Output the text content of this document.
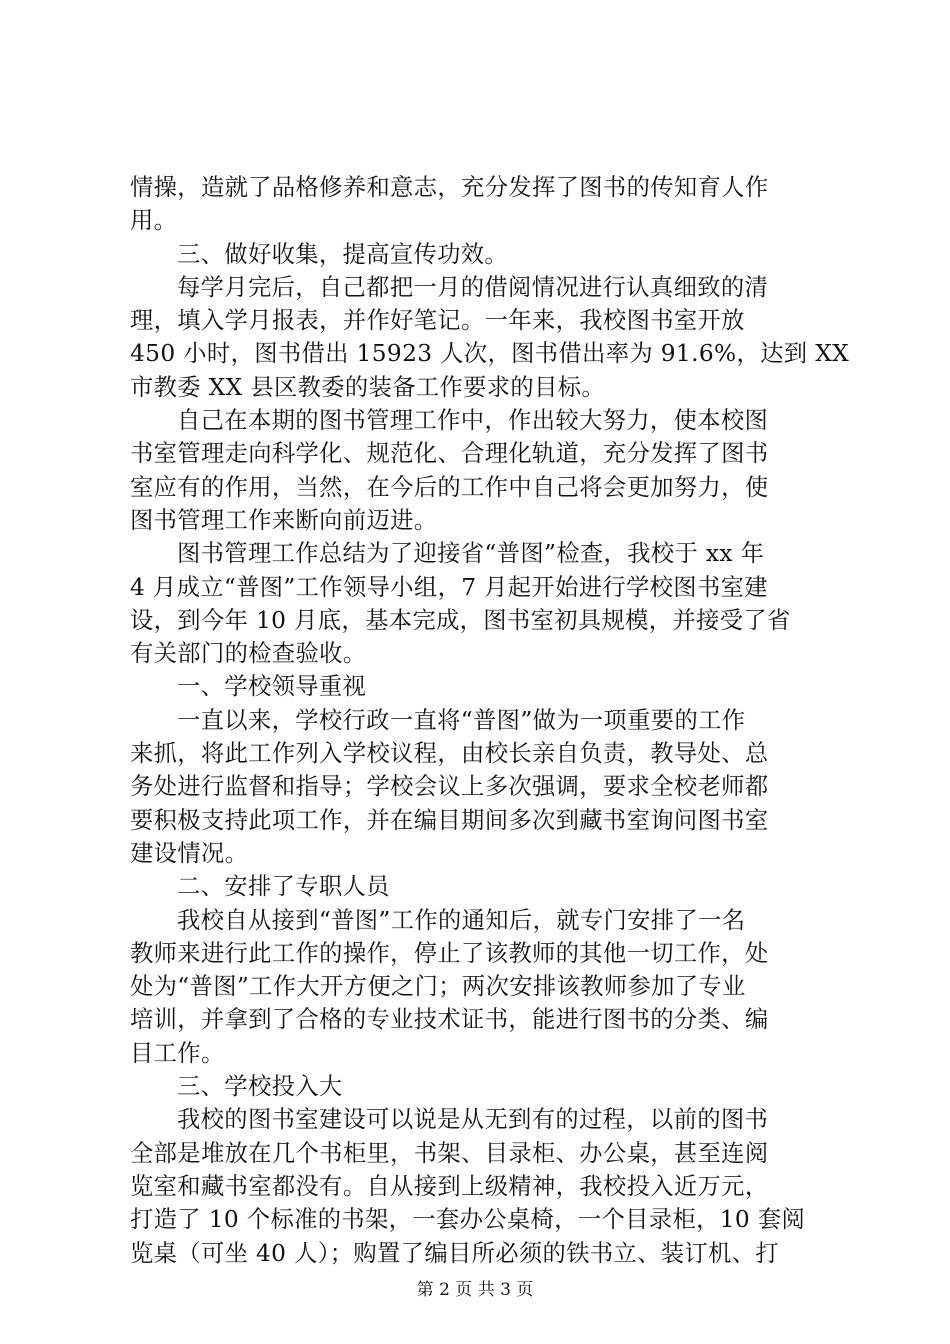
情操，造就了品格修养和意志，充分发挥了图书的传知育人作
用。
三、做好收集，提高宣传功效。
每学月完后，自己都把一月的借阅情况进行认真细致的清
理，填入学月报表，并作好笔记。一年来，我校图书室开放
450 小时，图书借出 15923 人次，图书借出率为 91.6%，达到 XX
市教委 XX 县区教委的装备工作要求的目标。
自己在本期的图书管理工作中，作出较大努力，使本校图
书室管理走向科学化、规范化、合理化轨道，充分发挥了图书
室应有的作用，当然，在今后的工作中自己将会更加努力，使
图书管理工作来断向前迈进。
图书管理工作总结为了迎接省“普图”检查，我校于 xx 年
4 月成立“普图”工作领导小组，7 月起开始进行学校图书室建
设，到今年 10 月底，基本完成，图书室初具规模，并接受了省
有关部门的检查验收。
一、学校领导重视
一直以来，学校行政一直将“普图”做为一项重要的工作
来抓，将此工作列入学校议程，由校长亲自负责，教导处、总
务处进行监督和指导；学校会议上多次强调，要求全校老师都
要积极支持此项工作，并在编目期间多次到藏书室询问图书室
建设情况。
二、安排了专职人员
我校自从接到“普图”工作的通知后，就专门安排了一名
教师来进行此工作的操作，停止了该教师的其他一切工作，处
处为“普图”工作大开方便之门；两次安排该教师参加了专业
培训，并拿到了合格的专业技术证书，能进行图书的分类、编
目工作。
三、学校投入大
我校的图书室建设可以说是从无到有的过程，以前的图书
全部是堆放在几个书柜里，书架、目录柜、办公桌，甚至连阅
览室和藏书室都没有。自从接到上级精神，我校投入近万元，
打造了 10 个标准的书架，一套办公桌椅，一个目录柜，10 套阅
览桌（可坐 40 人）；购置了编目所必须的铁书立、装订机、打
第 2 页 共 3 页
